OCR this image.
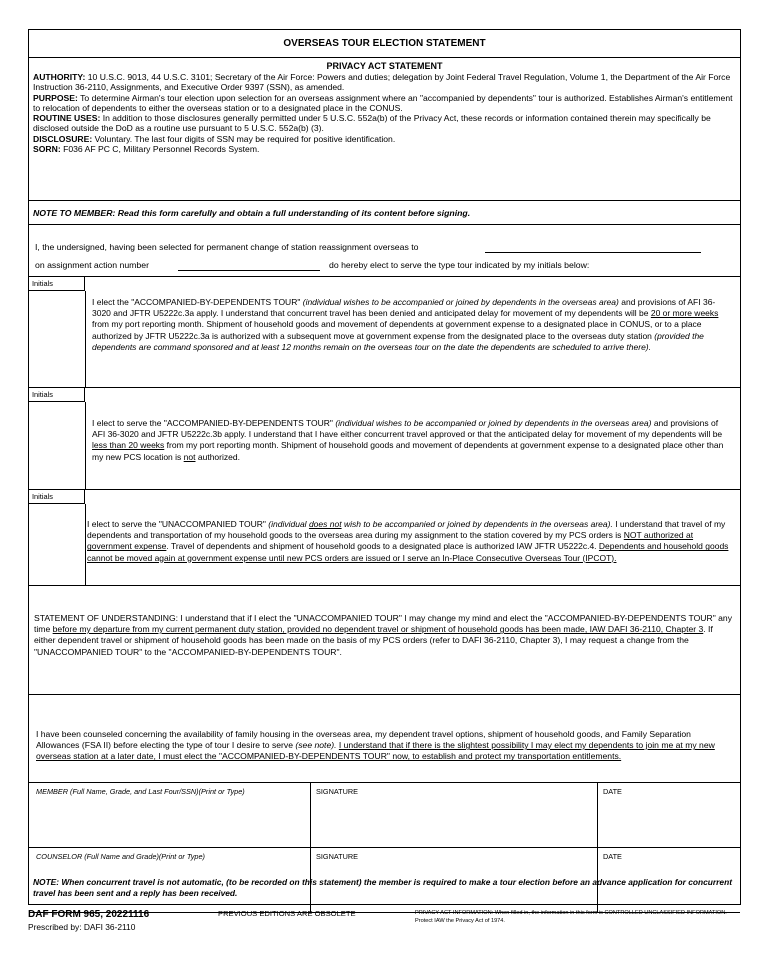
OVERSEAS TOUR ELECTION STATEMENT
PRIVACY ACT STATEMENT

AUTHORITY: 10 U.S.C. 9013, 44 U.S.C. 3101; Secretary of the Air Force: Powers and duties; delegation by Joint Federal Travel Regulation, Volume 1, the Department of the Air Force Instruction 36-2110, Assignments, and Executive Order 9397 (SSN), as amended.

PURPOSE: To determine Airman's tour election upon selection for an overseas assignment where an "accompanied by dependents" tour is authorized. Establishes Airman's entitlement to relocation of dependents to either the overseas station or to a designated place in the CONUS.

ROUTINE USES: In addition to those disclosures generally permitted under 5 U.S.C. 552a(b) of the Privacy Act, these records or information contained therein may specifically be disclosed outside the DoD as a routine use pursuant to 5 U.S.C. 552a(b) (3).

DISCLOSURE: Voluntary. The last four digits of SSN may be required for positive identification.

SORN: F036 AF PC C, Military Personnel Records System.

NOTE TO MEMBER: Read this form carefully and obtain a full understanding of its content before signing.
I, the undersigned, having been selected for permanent change of station reassignment overseas to
on assignment action number	do hereby elect to serve the type tour indicated by my initials below:
Initials
I elect the "ACCOMPANIED-BY-DEPENDENTS TOUR" (individual wishes to be accompanied or joined by dependents in the overseas area) and provisions of AFI 36-3020 and JFTR U5222c.3a apply. I understand that concurrent travel has been denied and anticipated delay for movement of my dependents will be 20 or more weeks from my port reporting month. Shipment of household goods and movement of dependents at government expense to a designated place in CONUS, or to a place authorized by JFTR U5222c.3a is authorized with a subsequent move at government expense from the designated place to the overseas duty station (provided the dependents are command sponsored and at least 12 months remain on the overseas tour on the date the dependents are scheduled to arrive there).
Initials
I elect to serve the "ACCOMPANIED-BY-DEPENDENTS TOUR" (individual wishes to be accompanied or joined by dependents in the overseas area) and provisions of AFI 36-3020 and JFTR U5222c.3b apply. I understand that I have either concurrent travel approved or that the anticipated delay for movement of my dependents will be less than 20 weeks from my port reporting month. Shipment of household goods and movement of dependents at government expense to a designated place other than my new PCS location is not authorized.
Initials
I elect to serve the "UNACCOMPANIED TOUR" (individual does not wish to be accompanied or joined by dependents in the overseas area). I understand that travel of my dependents and transportation of my household goods to the overseas area during my assignment to the station covered by my PCS orders is NOT authorized at government expense. Travel of dependents and shipment of household goods to a designated place is authorized IAW JFTR U5222c.4. Dependents and household goods cannot be moved again at government expense until new PCS orders are issued or I serve an In-Place Consecutive Overseas Tour (IPCOT).
STATEMENT OF UNDERSTANDING: I understand that if I elect the "UNACCOMPANIED TOUR" I may change my mind and elect the "ACCOMPANIED-BY-DEPENDENTS TOUR" any time before my departure from my current permanent duty station, provided no dependent travel or shipment of household goods has been made, IAW DAFI 36-2110, Chapter 3. If either dependent travel or shipment of household goods has been made on the basis of my PCS orders (refer to DAFI 36-2110, Chapter 3), I may request a change from the "UNACCOMPANIED TOUR" to the "ACCOMPANIED-BY-DEPENDENTS TOUR".
I have been counseled concerning the availability of family housing in the overseas area, my dependent travel options, shipment of household goods, and Family Separation Allowances (FSA II) before electing the type of tour I desire to serve (see note). I understand that if there is the slightest possibility I may elect my dependents to join me at my new overseas station at a later date, I must elect the "ACCOMPANIED-BY-DEPENDENTS TOUR" now, to establish and protect my transportation entitlements.
MEMBER (Full Name, Grade, and Last Four/SSN)(Print or Type)	SIGNATURE	DATE
COUNSELOR (Full Name and Grade)(Print or Type)	SIGNATURE	DATE
NOTE: When concurrent travel is not automatic, (to be recorded on this statement) the member is required to make a tour election before an advance application for concurrent travel has been sent and a reply has been received.
DAF FORM 965, 20221116
Prescribed by: DAFI 36-2110
PREVIOUS EDITIONS ARE OBSOLETE	PRIVACY ACT INFORMATION: When filled in, the information in this form is CONTROLLED UNCLASSIFIED INFORMATION. Protect IAW the Privacy Act of 1974.
